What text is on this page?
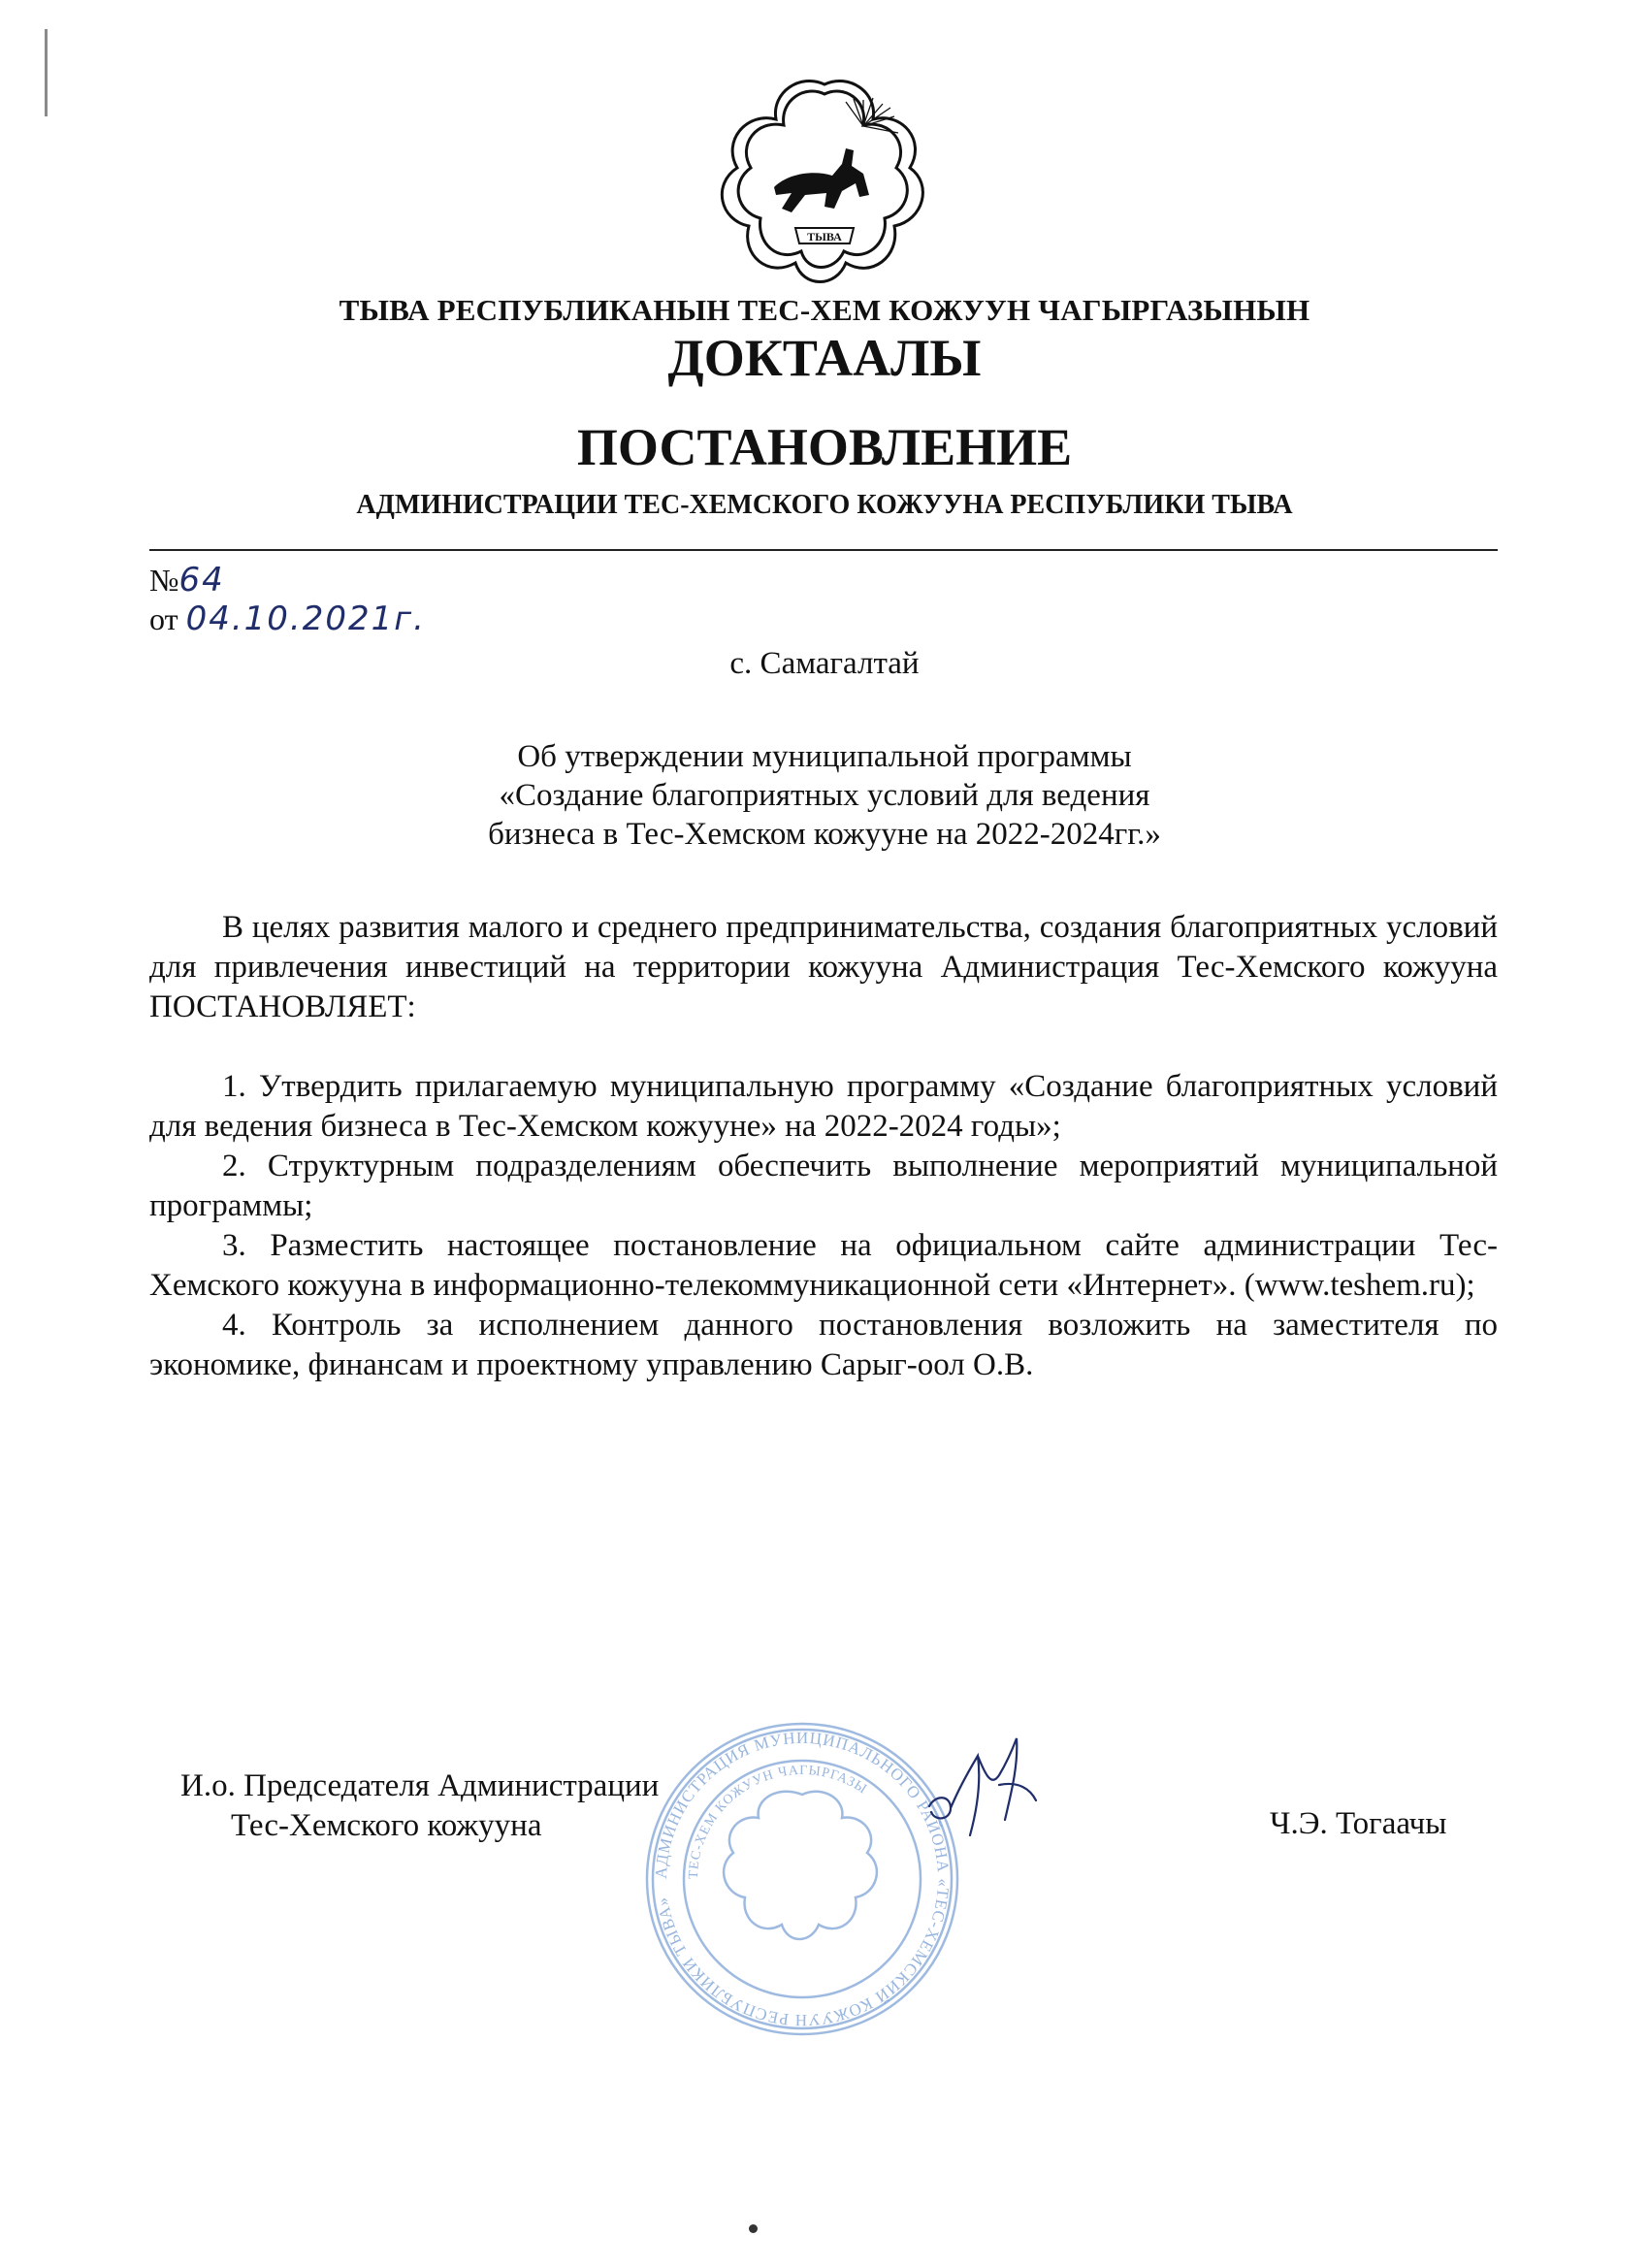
ТЫВА
ТЫВА РЕСПУБЛИКАНЫН ТЕС-ХЕМ КОЖУУН ЧАГЫРГАЗЫНЫН
ДОКТААЛЫ
ПОСТАНОВЛЕНИЕ
АДМИНИСТРАЦИИ ТЕС-ХЕМСКОГО КОЖУУНА РЕСПУБЛИКИ ТЫВА
№64
от 04.10.2021г.
с. Самагалтай
Об утверждении муниципальной программы
«Создание благоприятных условий для ведения
бизнеса в Тес-Хемском кожууне на 2022-2024гг.»

В целях развития малого и среднего предпринимательства, создания благоприятных условий для привлечения инвестиций на территории кожууна Администрация Тес-Хемского кожууна ПОСТАНОВЛЯЕТ:

1. Утвердить прилагаемую муниципальную программу «Создание благоприятных условий для ведения бизнеса в Тес-Хемском кожууне» на 2022-2024 годы»;

2. Структурным подразделениям обеспечить выполнение мероприятий муниципальной программы;

3. Разместить настоящее постановление на официальном сайте администрации Тес-Хемского кожууна в информационно-телекоммуникационной сети «Интернет». (www.teshem.ru);

4. Контроль за исполнением данного постановления возложить на заместителя по экономике, финансам и проектному управлению Сарыг-оол О.В.

АДМИНИСТРАЦИЯ МУНИЦИПАЛЬНОГО РАЙОНА «ТЕС-ХЕМСКИЙ КОЖУУН РЕСПУБЛИКИ ТЫВА»
ТЕС-ХЕМ КОЖУУН ЧАГЫРГАЗЫ
И.о. Председателя Администрации
Тес-Хемского кожууна	Ч.Э. Тогаачы
